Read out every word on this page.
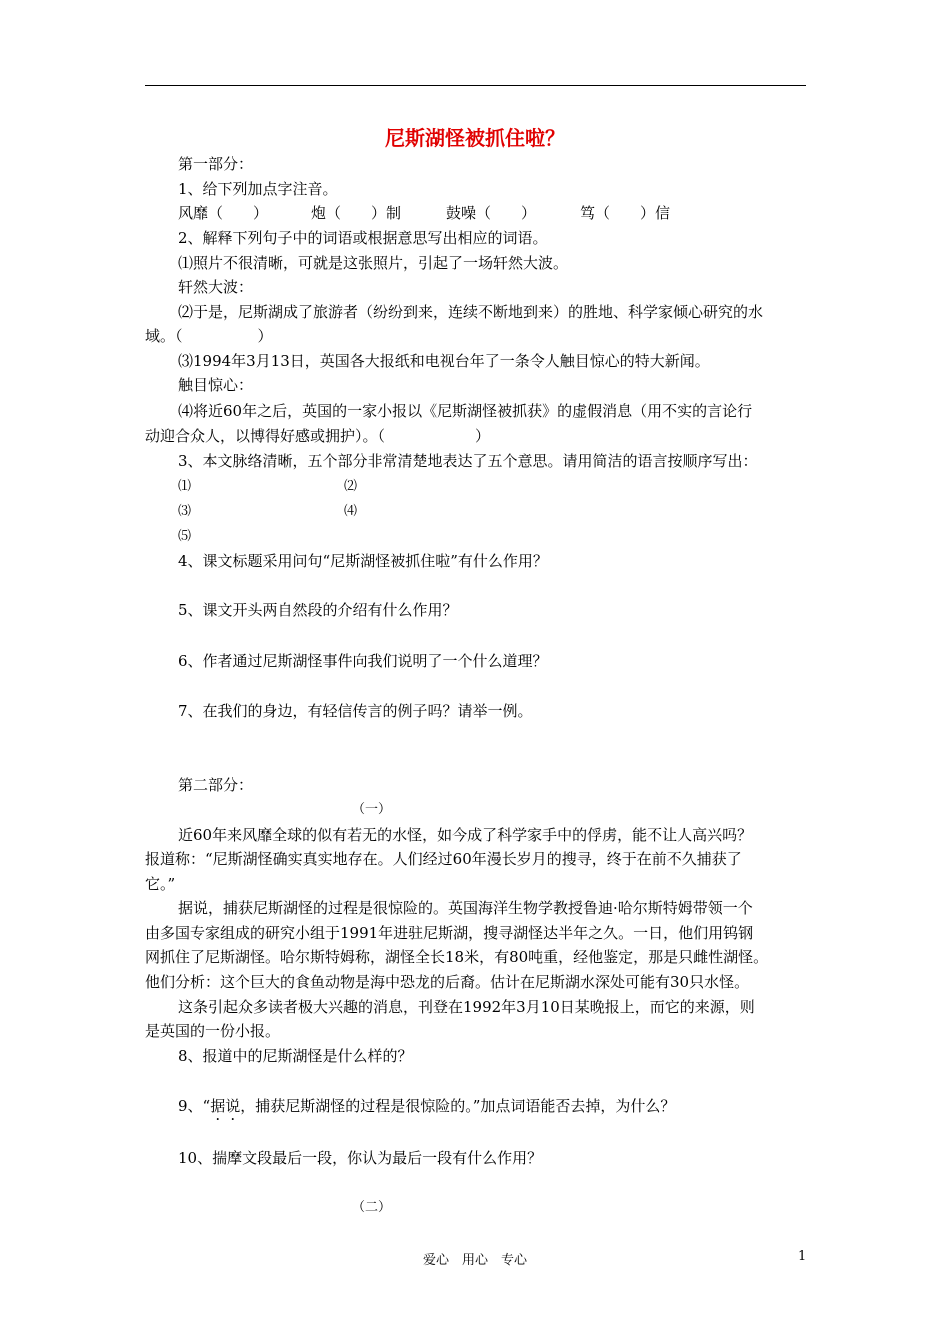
尼斯湖怪被抓住啦？
第一部分：
1、给下列加点字注音。
风靡（　　）	炮（　　）制	鼓噪（　　）	笃（　　）信
2、解释下列句子中的词语或根据意思写出相应的词语。
⑴照片不很清晰，可就是这张照片，引起了一场轩然大波。
轩然大波：
⑵于是，尼斯湖成了旅游者（纷纷到来，连续不断地到来）的胜地、科学家倾心研究的水
域。（　　　　　）
⑶1994年3月13日，英国各大报纸和电视台年了一条令人触目惊心的特大新闻。
触目惊心：
⑷将近60年之后，英国的一家小报以《尼斯湖怪被抓获》的虚假消息（用不实的言论行
动迎合众人，以博得好感或拥护）。（　　　　　　）
3、本文脉络清晰，五个部分非常清楚地表达了五个意思。请用简洁的语言按顺序写出：
⑴	⑵
⑶	⑷
⑸
4、课文标题采用问句“尼斯湖怪被抓住啦”有什么作用？
5、课文开头两自然段的介绍有什么作用？
6、作者通过尼斯湖怪事件向我们说明了一个什么道理？
7、在我们的身边，有轻信传言的例子吗？请举一例。
第二部分：
（一）
近60年来风靡全球的似有若无的水怪，如今成了科学家手中的俘虏，能不让人高兴吗？
报道称：“尼斯湖怪确实真实地存在。人们经过60年漫长岁月的搜寻，终于在前不久捕获了
它。”
据说，捕获尼斯湖怪的过程是很惊险的。英国海洋生物学教授鲁迪·哈尔斯特姆带领一个
由多国专家组成的研究小组于1991年进驻尼斯湖，搜寻湖怪达半年之久。一日，他们用钨钢
网抓住了尼斯湖怪。哈尔斯特姆称，湖怪全长18米，有80吨重，经他鉴定，那是只雌性湖怪。
他们分析：这个巨大的食鱼动物是海中恐龙的后裔。估计在尼斯湖水深处可能有30只水怪。
这条引起众多读者极大兴趣的消息，刊登在1992年3月10日某晚报上，而它的来源，则
是英国的一份小报。
8、报道中的尼斯湖怪是什么样的？
9、“据说，捕获尼斯湖怪的过程是很惊险的。”加点词语能否去掉，为什么？
10、揣摩文段最后一段，你认为最后一段有什么作用？
（二）
爱心　用心　专心	1
